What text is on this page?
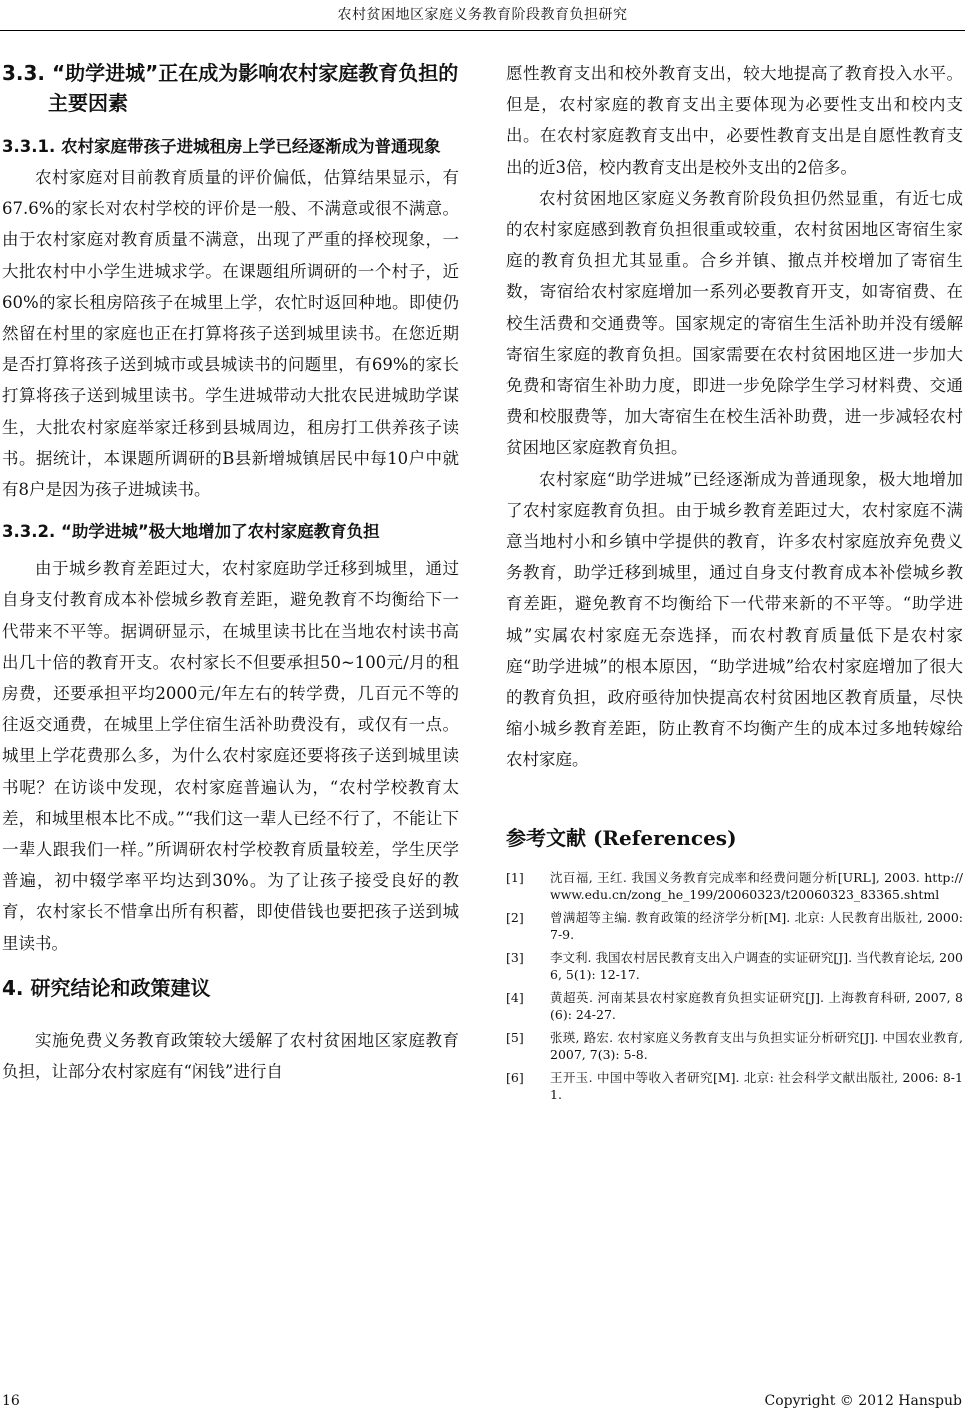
农村贫困地区家庭义务教育阶段教育负担研究
3.3. “助学进城”正在成为影响农村家庭教育负担的主要因素
3.3.1. 农村家庭带孩子进城租房上学已经逐渐成为普通现象

农村家庭对目前教育质量的评价偏低，估算结果显示，有67.6%的家长对农村学校的评价是一般、不满意或很不满意。由于农村家庭对教育质量不满意，出现了严重的择校现象，一大批农村中小学生进城求学。在课题组所调研的一个村子，近60%的家长租房陪孩子在城里上学，农忙时返回种地。即使仍然留在村里的家庭也正在打算将孩子送到城里读书。在您近期是否打算将孩子送到城市或县城读书的问题里，有69%的家长打算将孩子送到城里读书。学生进城带动大批农民进城助学谋生，大批农村家庭举家迁移到县城周边，租房打工供养孩子读书。据统计，本课题所调研的B县新增城镇居民中每10户中就有8户是因为孩子进城读书。

3.3.2. “助学进城”极大地增加了农村家庭教育负担

由于城乡教育差距过大，农村家庭助学迁移到城里，通过自身支付教育成本补偿城乡教育差距，避免教育不均衡给下一代带来不平等。据调研显示，在城里读书比在当地农村读书高出几十倍的教育开支。农村家长不但要承担50~100元/月的租房费，还要承担平均2000元/年左右的转学费，几百元不等的往返交通费，在城里上学住宿生活补助费没有，或仅有一点。城里上学花费那么多，为什么农村家庭还要将孩子送到城里读书呢？在访谈中发现，农村家庭普遍认为，“农村学校教育太差，和城里根本比不成。”“我们这一辈人已经不行了，不能让下一辈人跟我们一样。”所调研农村学校教育质量较差，学生厌学普遍，初中辍学率平均达到30%。为了让孩子接受良好的教育，农村家长不惜拿出所有积蓄，即使借钱也要把孩子送到城里读书。

4. 研究结论和政策建议

实施免费义务教育政策较大缓解了农村贫困地区家庭教育负担，让部分农村家庭有“闲钱”进行自

愿性教育支出和校外教育支出，较大地提高了教育投入水平。但是，农村家庭的教育支出主要体现为必要性支出和校内支出。在农村家庭教育支出中，必要性教育支出是自愿性教育支出的近3倍，校内教育支出是校外支出的2倍多。

农村贫困地区家庭义务教育阶段负担仍然显重，有近七成的农村家庭感到教育负担很重或较重，农村贫困地区寄宿生家庭的教育负担尤其显重。合乡并镇、撤点并校增加了寄宿生数，寄宿给农村家庭增加一系列必要教育开支，如寄宿费、在校生活费和交通费等。国家规定的寄宿生生活补助并没有缓解寄宿生家庭的教育负担。国家需要在农村贫困地区进一步加大免费和寄宿生补助力度，即进一步免除学生学习材料费、交通费和校服费等，加大寄宿生在校生活补助费，进一步减轻农村贫困地区家庭教育负担。

农村家庭“助学进城”已经逐渐成为普通现象，极大地增加了农村家庭教育负担。由于城乡教育差距过大，农村家庭不满意当地村小和乡镇中学提供的教育，许多农村家庭放弃免费义务教育，助学迁移到城里，通过自身支付教育成本补偿城乡教育差距，避免教育不均衡给下一代带来新的不平等。“助学进城”实属农村家庭无奈选择，而农村教育质量低下是农村家庭“助学进城”的根本原因，“助学进城”给农村家庭增加了很大的教育负担，政府亟待加快提高农村贫困地区教育质量，尽快缩小城乡教育差距，防止教育不均衡产生的成本过多地转嫁给农村家庭。

参考文献 (References)
[1]	沈百福, 王红. 我国义务教育完成率和经费问题分析[URL], 2003. http://www.edu.cn/zong_he_199/20060323/t20060323_83365.shtml
[2]	曾满超等主编. 教育政策的经济学分析[M]. 北京: 人民教育出版社, 2000: 7-9.
[3]	李文利. 我国农村居民教育支出入户调查的实证研究[J]. 当代教育论坛, 2006, 5(1): 12-17.
[4]	黄超英. 河南某县农村家庭教育负担实证研究[J]. 上海教育科研, 2007, 8(6): 24-27.
[5]	张瑛, 路宏. 农村家庭义务教育支出与负担实证分析研究[J]. 中国农业教育, 2007, 7(3): 5-8.
[6]	王开玉. 中国中等收入者研究[M]. 北京: 社会科学文献出版社, 2006: 8-11.
16	Copyright © 2012 Hanspub
